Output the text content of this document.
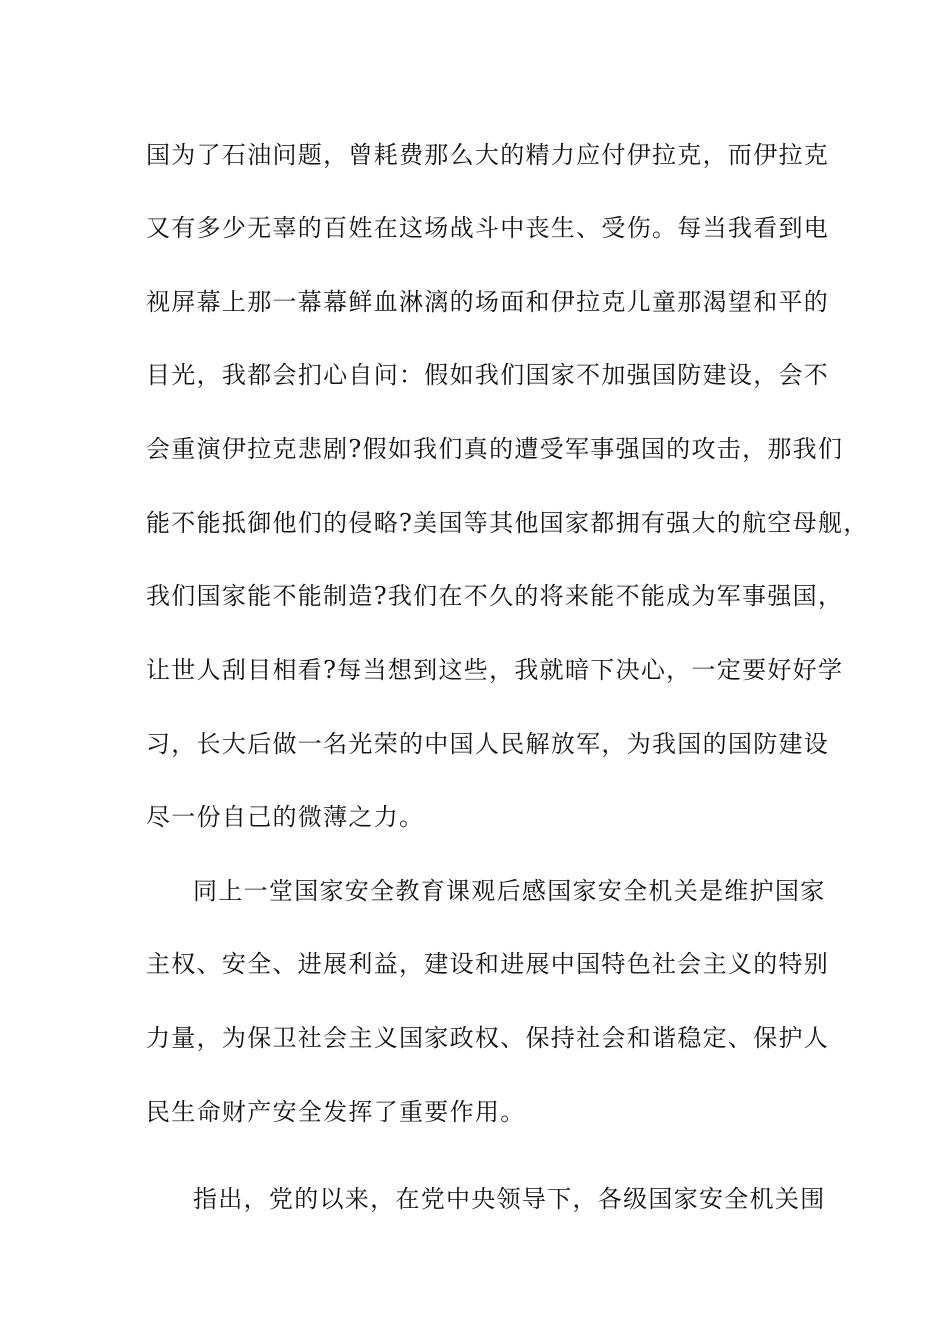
国为了石油问题，曾耗费那么大的精力应付伊拉克，而伊拉克
又有多少无辜的百姓在这场战斗中丧生、受伤。每当我看到电
视屏幕上那一幕幕鲜血淋漓的场面和伊拉克儿童那渴望和平的
目光，我都会扪心自问：假如我们国家不加强国防建设，会不
会重演伊拉克悲剧?假如我们真的遭受军事强国的攻击，那我们
能不能抵御他们的侵略?美国等其他国家都拥有强大的航空母舰，
我们国家能不能制造?我们在不久的将来能不能成为军事强国，
让世人刮目相看?每当想到这些，我就暗下决心，一定要好好学
习，长大后做一名光荣的中国人民解放军，为我国的国防建设
尽一份自己的微薄之力。
同上一堂国家安全教育课观后感国家安全机关是维护国家
主权、安全、进展利益，建设和进展中国特色社会主义的特别
力量，为保卫社会主义国家政权、保持社会和谐稳定、保护人
民生命财产安全发挥了重要作用。
指出，党的以来，在党中央领导下，各级国家安全机关围
